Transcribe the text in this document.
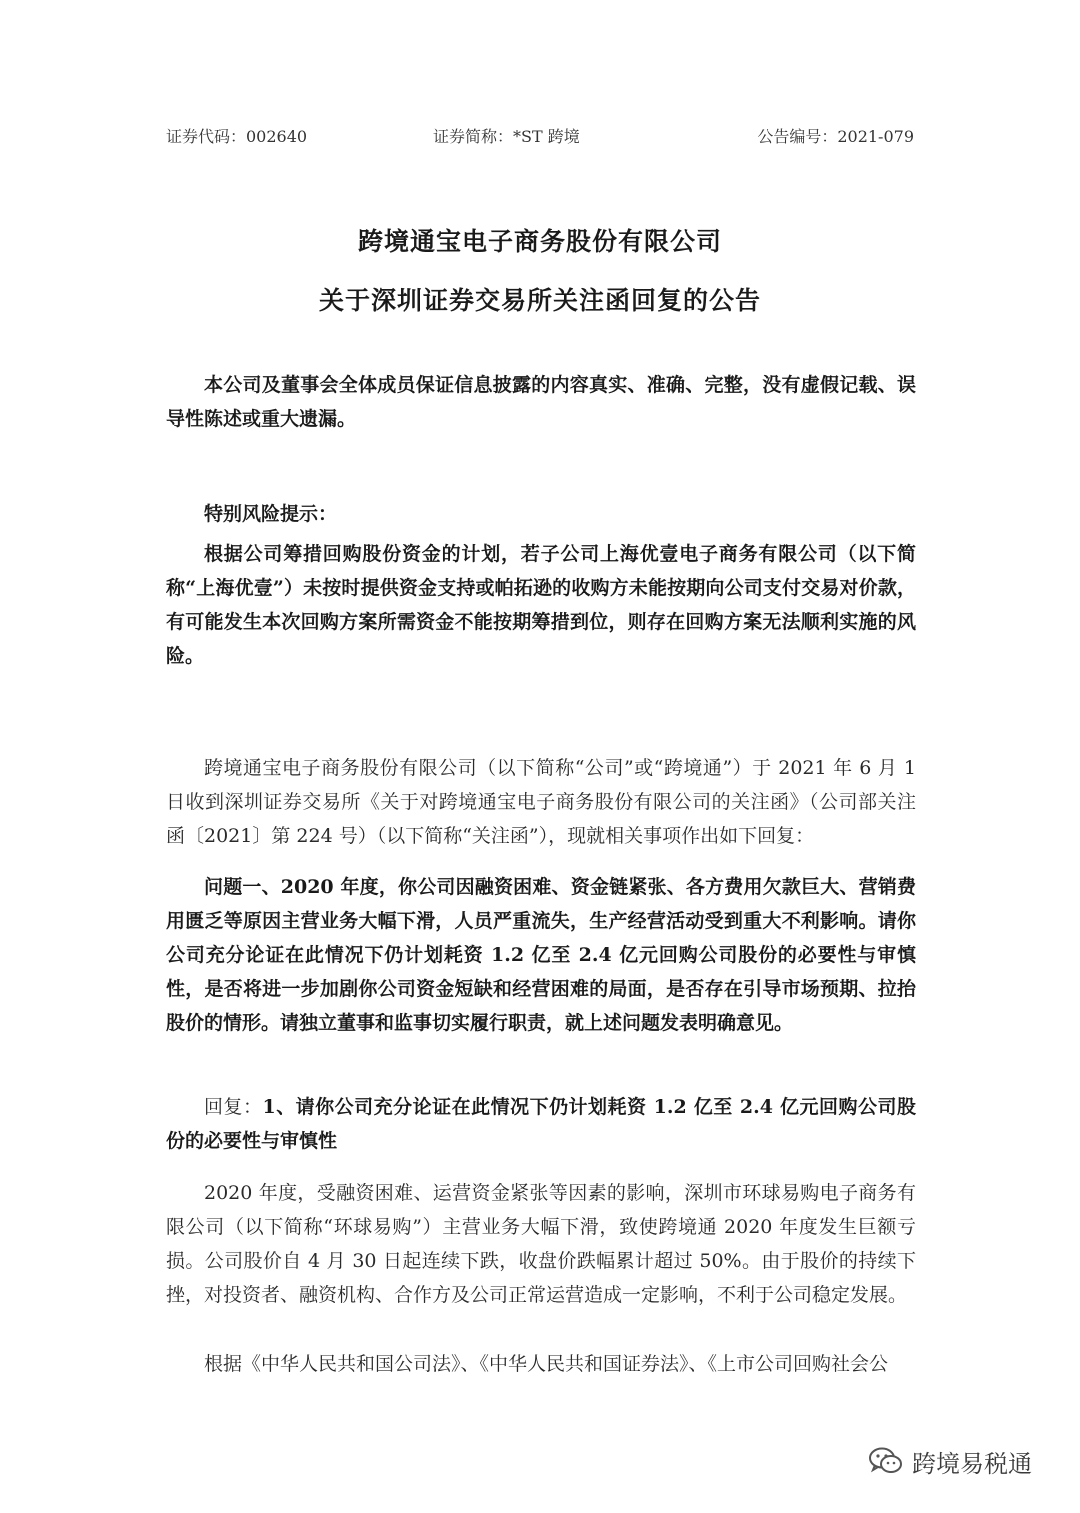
证券代码：002640	证券简称：*ST 跨境	公告编号：2021-079
跨境通宝电子商务股份有限公司
关于深圳证券交易所关注函回复的公告
本公司及董事会全体成员保证信息披露的内容真实、准确、完整，没有虚假记载、误导性陈述或重大遗漏。
特别风险提示：
根据公司筹措回购股份资金的计划，若子公司上海优壹电子商务有限公司（以下简称“上海优壹”）未按时提供资金支持或帕拓逊的收购方未能按期向公司支付交易对价款，有可能发生本次回购方案所需资金不能按期筹措到位，则存在回购方案无法顺利实施的风险。
跨境通宝电子商务股份有限公司（以下简称“公司”或“跨境通”）于 2021 年 6 月 1 日收到深圳证券交易所《关于对跨境通宝电子商务股份有限公司的关注函》（公司部关注函〔2021〕第 224 号）（以下简称“关注函”），现就相关事项作出如下回复：
问题一、2020 年度，你公司因融资困难、资金链紧张、各方费用欠款巨大、营销费用匮乏等原因主营业务大幅下滑，人员严重流失，生产经营活动受到重大不利影响。请你公司充分论证在此情况下仍计划耗资 1.2 亿至 2.4 亿元回购公司股份的必要性与审慎性，是否将进一步加剧你公司资金短缺和经营困难的局面，是否存在引导市场预期、拉抬股价的情形。请独立董事和监事切实履行职责，就上述问题发表明确意见。
回复：1、请你公司充分论证在此情况下仍计划耗资 1.2 亿至 2.4 亿元回购公司股份的必要性与审慎性
2020 年度，受融资困难、运营资金紧张等因素的影响，深圳市环球易购电子商务有限公司（以下简称“环球易购”）主营业务大幅下滑，致使跨境通 2020 年度发生巨额亏损。公司股价自 4 月 30 日起连续下跌，收盘价跌幅累计超过 50%。由于股价的持续下挫，对投资者、融资机构、合作方及公司正常运营造成一定影响，不利于公司稳定发展。
根据《中华人民共和国公司法》、《中华人民共和国证券法》、《上市公司回购社会公
跨境易税通
